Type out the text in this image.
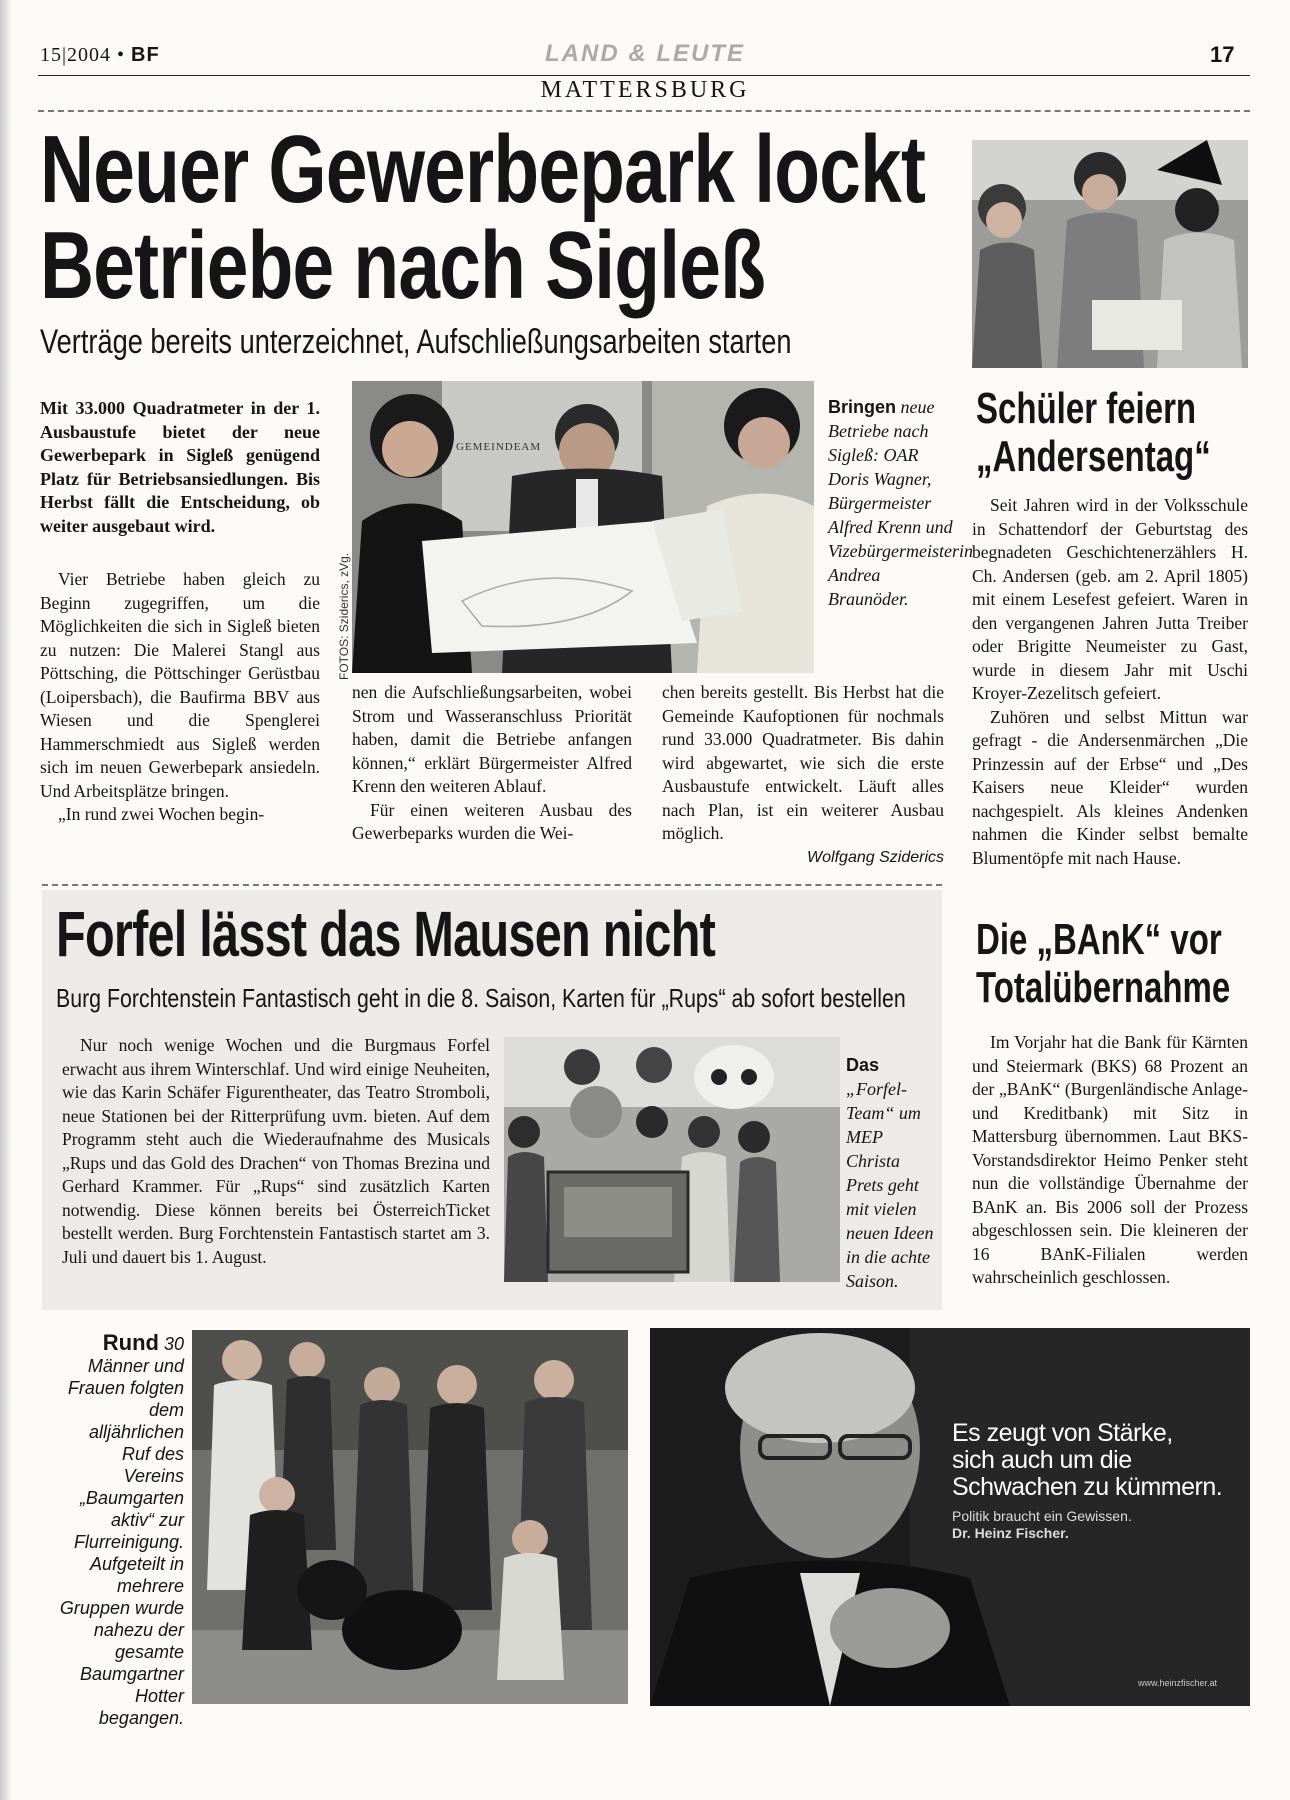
15|2004 • BF	LAND & LEUTE	17
MATTERSBURG
Neuer Gewerbepark lockt
Betriebe nach Sigleß
Verträge bereits unterzeichnet, Aufschließungsarbeiten starten

Mit 33.000 Quadratmeter in der 1. Ausbaustufe bietet der neue Gewerbepark in Sigleß genügend Platz für Betriebsansiedlungen. Bis Herbst fällt die Entscheidung, ob weiter ausgebaut wird.

Vier Betriebe haben gleich zu Beginn zugegriffen, um die Möglichkeiten die sich in Sigleß bieten zu nutzen: Die Malerei Stangl aus Pöttsching, die Pöttschinger Gerüstbau (Loipersbach), die Baufirma BBV aus Wiesen und die Spenglerei Hammerschmiedt aus Sigleß werden sich im neuen Gewerbepark ansiedeln. Und Arbeitsplätze bringen.

„In rund zwei Wochen begin-

GEMEINDEAM
FOTOS: Sziderics, zVg.
Bringen neue Betriebe nach Sigleß: OAR Doris Wagner, Bürgermeister Alfred Krenn und Vizebürgermeisterin Andrea Braunöder.

nen die Aufschließungsarbeiten, wobei Strom und Wasseranschluss Priorität haben, damit die Betriebe anfangen können,“ erklärt Bürgermeister Alfred Krenn den weiteren Ablauf.

Für einen weiteren Ausbau des Gewerbeparks wurden die Wei-

chen bereits gestellt. Bis Herbst hat die Gemeinde Kaufoptionen für nochmals rund 33.000 Quadratmeter. Bis dahin wird abgewartet, wie sich die erste Ausbaustufe entwickelt. Läuft alles nach Plan, ist ein weiterer Ausbau möglich.

Wolfgang Sziderics

Schüler feiern
„Andersentag“

Seit Jahren wird in der Volksschule in Schattendorf der Geburtstag des begnadeten Geschichtenerzählers H. Ch. Andersen (geb. am 2. April 1805) mit einem Lesefest gefeiert. Waren in den vergangenen Jahren Jutta Treiber oder Brigitte Neumeister zu Gast, wurde in diesem Jahr mit Uschi Kroyer-Zezelitsch gefeiert.

Zuhören und selbst Mittun war gefragt - die Andersenmärchen „Die Prinzessin auf der Erbse“ und „Des Kaisers neue Kleider“ wurden nachgespielt. Als kleines Andenken nahmen die Kinder selbst bemalte Blumentöpfe mit nach Hause.

Forfel lässt das Mausen nicht
Burg Forchtenstein Fantastisch geht in die 8. Saison, Karten für „Rups“ ab sofort bestellen

Nur noch wenige Wochen und die Burgmaus Forfel erwacht aus ihrem Winterschlaf. Und wird einige Neuheiten, wie das Karin Schäfer Figurentheater, das Teatro Stromboli, neue Stationen bei der Ritterprüfung uvm. bieten. Auf dem Programm steht auch die Wiederaufnahme des Musicals „Rups und das Gold des Drachen“ von Thomas Brezina und Gerhard Krammer. Für „Rups“ sind zusätzlich Karten notwendig. Diese können bereits bei ÖsterreichTicket bestellt werden. Burg Forchtenstein Fantastisch startet am 3. Juli und dauert bis 1. August.

Das „Forfel-Team“ um MEP Christa Prets geht mit vielen neuen Ideen in die achte Saison.
Die „BAnK“ vor
Totalübernahme

Im Vorjahr hat die Bank für Kärnten und Steiermark (BKS) 68 Prozent an der „BAnK“ (Burgenländische Anlage- und Kreditbank) mit Sitz in Mattersburg übernommen. Laut BKS-Vorstandsdirektor Heimo Penker steht nun die vollständige Übernahme der BAnK an. Bis 2006 soll der Prozess abgeschlossen sein. Die kleineren der 16 BAnK-Filialen werden wahrscheinlich geschlossen.

Rund 30 Männer und Frauen folgten dem alljährlichen Ruf des Vereins „Baumgarten aktiv“ zur Flurreinigung. Aufgeteilt in mehrere Gruppen wurde nahezu der gesamte Baumgartner Hotter begangen.
Es zeugt von Stärke,
sich auch um die
Schwachen zu kümmern.
Politik braucht ein Gewissen.
Dr. Heinz Fischer.
www.heinzfischer.at
